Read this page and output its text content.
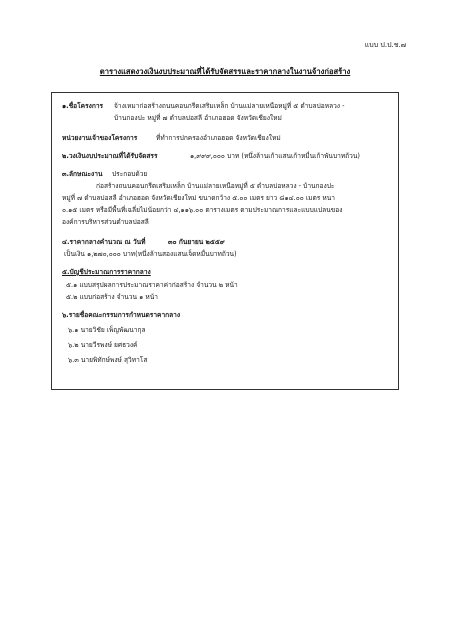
แบบ ป.ป.ช.๗
ตารางแสดงวงเงินงบประมาณที่ได้รับจัดสรรและราคากลางในงานจ้างก่อสร้าง
๑.ชื่อโครงการ จ้างเหมาก่อสร้างถนนคอนกรีตเสริมเหล็ก บ้านแม่ลายเหนือหมู่ที่ ๕ ตำบลบ่อหลวง -
บ้านกองปะ หมู่ที่ ๗ ตำบลบ่อสลี อำเภอฮอด จังหวัดเชียงใหม่
หน่วยงานเจ้าของโครงการ	ที่ทำการปกครองอำเภอฮอด จังหวัดเชียงใหม่
๒.วงเงินงบประมาณที่ได้รับจัดสรร	๑,๙๙๙,๐๐๐ บาท (หนึ่งล้านเก้าแสนเก้าหมื่นเก้าพันบาทถ้วน)
๓.ลักษณะงาน ประกอบด้วย
ก่อสร้างถนนคอนกรีตเสริมเหล็ก บ้านแม่ลายเหนือหมู่ที่ ๕ ตำบลบ่อหลวง - บ้านกองปะ
หมู่ที่ ๗ ตำบลบ่อสลี อำเภอฮอด จังหวัดเชียงใหม่ ขนาดกว้าง ๕.๐๐ เมตร ยาว ๘๑๔.๐๐ เมตร หนา
๐.๑๕ เมตร หรือมีพื้นที่เฉลี่ยไม่น้อยกว่า ๔,๑๑๖.๐๐ ตารางเมตร ตามประมาณการและแบบแปลนของ
องค์การบริหารส่วนตำบลบ่อสลี
๔.ราคากลางคำนวณ ณ วันที่	๓๐ กันยายน ๒๕๕๙
เป็นเงิน ๑,๒๗๐,๐๐๐ บาท(หนึ่งล้านสองแสนเจ็ดหมื่นบาทถ้วน)
๕.บัญชีประมาณการราคากลาง
๕.๑ แบบสรุปผลการประมาณราคาค่าก่อสร้าง จำนวน ๒ หน้า
๕.๒ แบบก่อสร้าง จำนวน ๑ หน้า
๖.รายชื่อคณะกรรมการกำหนดราคากลาง
๖.๑ นายวิชัย เพ็ญพัฒนากุล
๖.๒ นายวีรพงษ์ ยศธวงค์
๖.๓ นายพิทักษ์พงษ์ สุวิทาโส
